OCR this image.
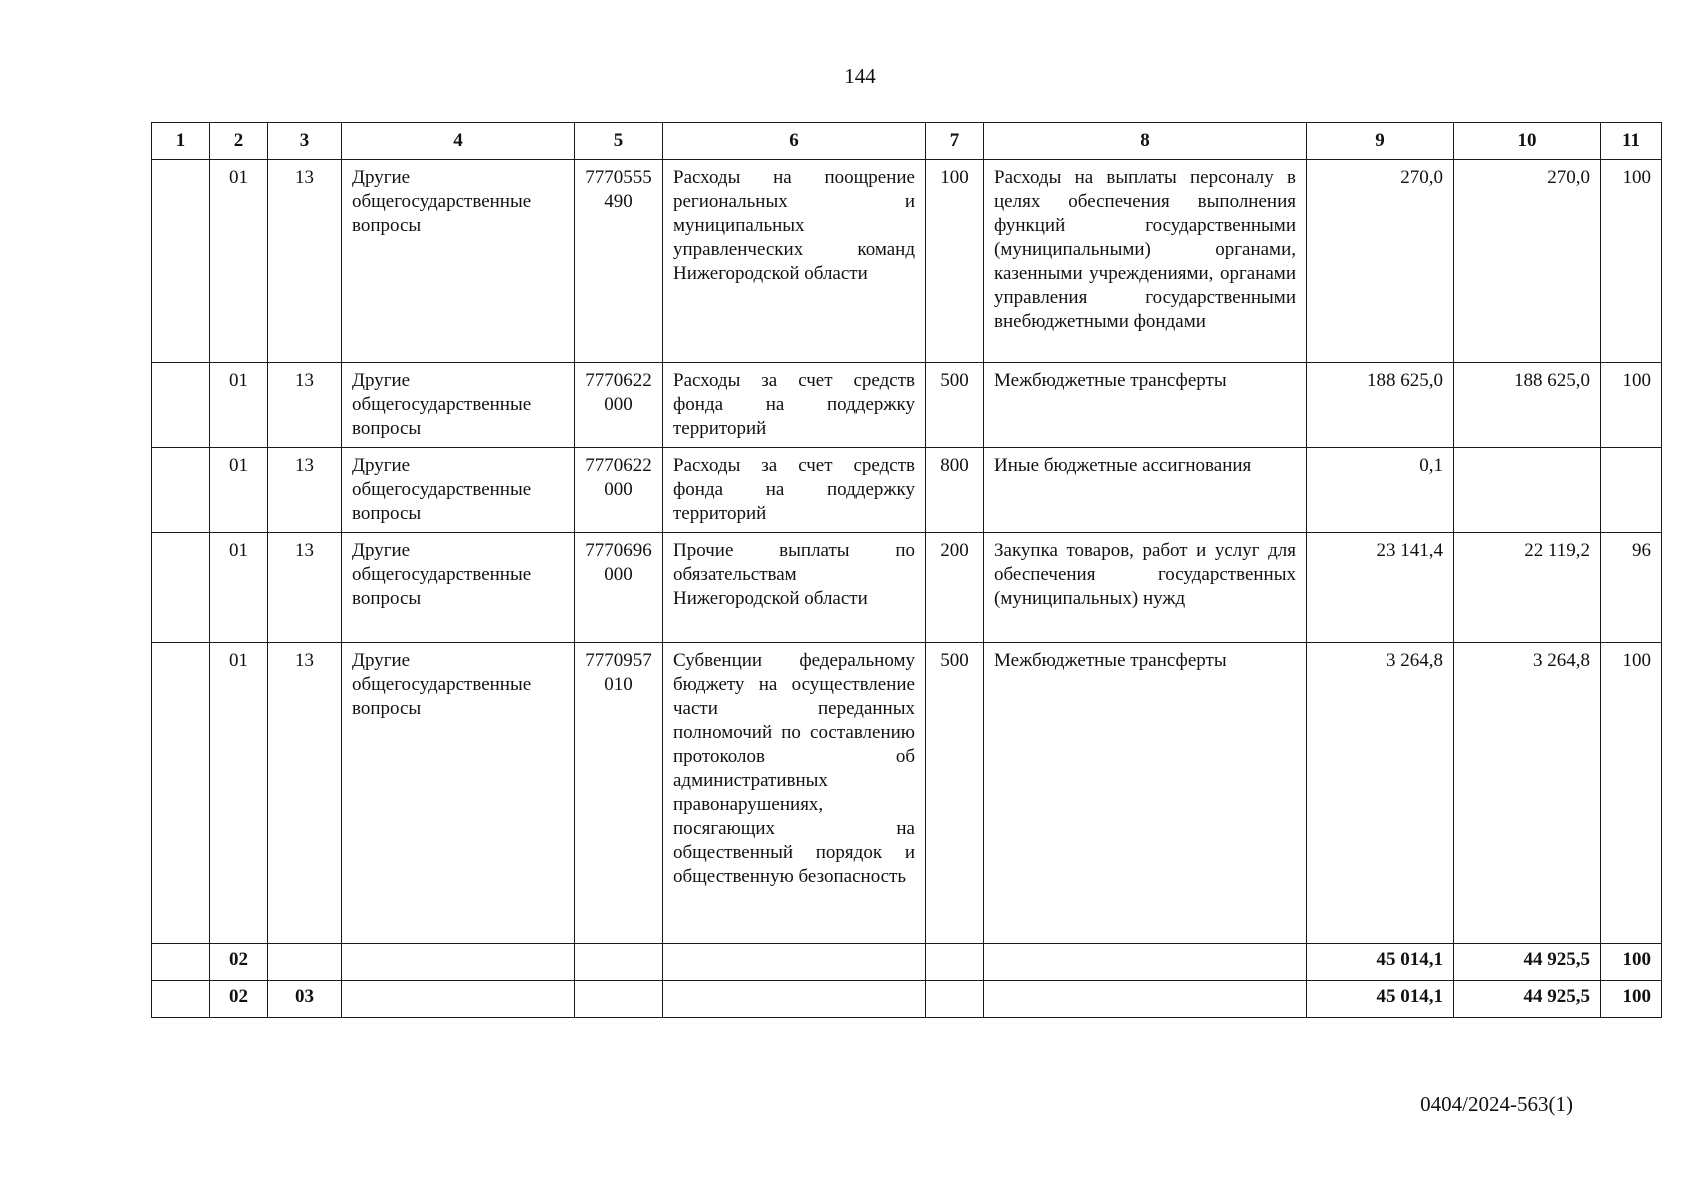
144
1	2	3	4	5	6	7	8	9	10	11
	01	13	Другие общегосударственные вопросы	7770555490	Расходы на поощрение региональных и муниципальных управленческих команд Нижегородской области	100	Расходы на выплаты персоналу в целях обеспечения выполнения функций государственными (муниципальными) органами, казенными учреждениями, органами управления государственными внебюджетными фондами	270,0	270,0	100
	01	13	Другие общегосударственные вопросы	7770622000	Расходы за счет средств фонда на поддержку территорий	500	Межбюджетные трансферты	188 625,0	188 625,0	100
	01	13	Другие общегосударственные вопросы	7770622000	Расходы за счет средств фонда на поддержку территорий	800	Иные бюджетные ассигнования	0,1		
	01	13	Другие общегосударственные вопросы	7770696000	Прочие выплаты по обязательствам Нижегородской области	200	Закупка товаров, работ и услуг для обеспечения государственных (муниципальных) нужд	23 141,4	22 119,2	96
	01	13	Другие общегосударственные вопросы	7770957010	Субвенции федеральному бюджету на осуществление части переданных полномочий по составлению протоколов об административных правонарушениях, посягающих на общественный порядок и общественную безопасность	500	Межбюджетные трансферты	3 264,8	3 264,8	100
	02							45 014,1	44 925,5	100
	02	03						45 014,1	44 925,5	100
0404/2024-563(1)
